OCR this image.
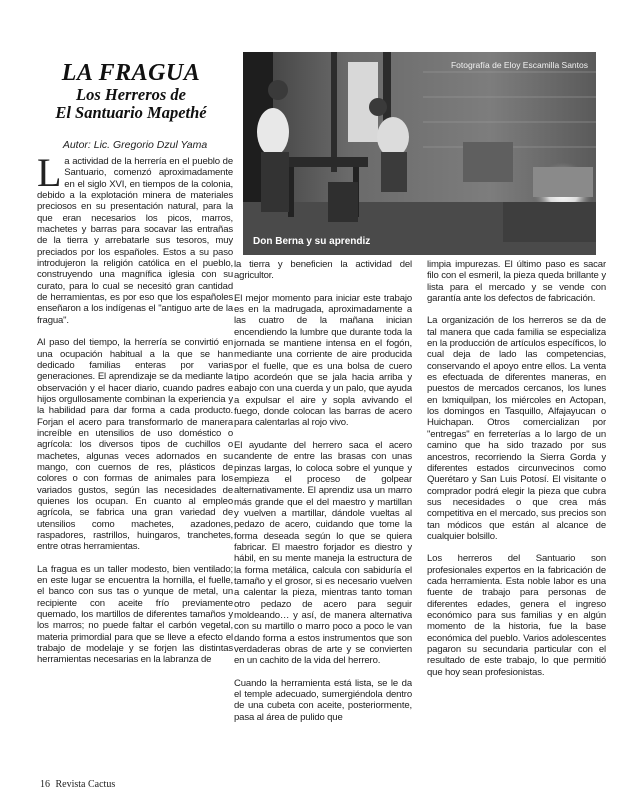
LA FRAGUA
Los Herreros de
El Santuario Mapethé
Autor: Lic. Gregorio Dzul Yama

La actividad de la herrería en el pueblo de Santuario, comenzó aproximadamente en el siglo XVI, en tiempos de la colonia, debido a la explotación minera de materiales preciosos en su presentación natural, para la que eran necesarios los picos, marros, machetes y barras para socavar las entrañas de la tierra y arrebatarle sus tesoros, muy preciados por los españoles. Estos a su paso introdujeron la religión católica en el pueblo, construyendo una magnífica iglesia con su curato, para lo cual se necesitó gran cantidad de herramientas, es por eso que los españoles enseñaron a los indígenas el "antiguo arte de la fragua".

Al paso del tiempo, la herrería se convirtió en una ocupación habitual a la que se han dedicado familias enteras por varias generaciones. El aprendizaje se da mediante la observación y el hacer diario, cuando padres e hijos orgullosamente combinan la experiencia y la habilidad para dar forma a cada producto. Forjan el acero para transformarlo de manera increíble en utensilios de uso doméstico o agrícola: los diversos tipos de cuchillos o machetes, algunas veces adornados en su mango, con cuernos de res, plásticos de colores o con formas de animales para los variados gustos, según las necesidades de quienes los ocupan. En cuanto al empleo agrícola, se fabrica una gran variedad de utensilios como machetes, azadones, raspadores, rastrillos, huingaros, tranchetes, entre otras herramientas.

La fragua es un taller modesto, bien ventilado; en este lugar se encuentra la hornilla, el fuelle, el banco con sus tas o yunque de metal, un recipiente con aceite frío previamente quemado, los martillos de diferentes tamaños y los marros; no puede faltar el carbón vegetal, materia primordial para que se lleve a efecto el trabajo de modelaje y se forjen las distintas herramientas necesarias en la labranza de

Fotografía de Eloy Escamilla Santos
Don Berna y su aprendiz

la tierra y beneficien la actividad del agricultor.

El mejor momento para iniciar este trabajo es en la madrugada, aproximadamente a las cuatro de la mañana inician encendiendo la lumbre que durante toda la jornada se mantiene intensa en el fogón, mediante una corriente de aire producida por el fuelle, que es una bolsa de cuero tipo acordeón que se jala hacia arriba y abajo con una cuerda y un palo, que ayuda a expulsar el aire y sopla avivando el fuego, donde colocan las barras de acero para calentarlas al rojo vivo.

El ayudante del herrero saca el acero candente de entre las brasas con unas pinzas largas, lo coloca sobre el yunque y empieza el proceso de golpear alternativamente. El aprendiz usa un marro más grande que el del maestro y martillan y vuelven a martillar, dándole vueltas al pedazo de acero, cuidando que tome la forma deseada según lo que se quiera fabricar. El maestro forjador es diestro y hábil, en su mente maneja la estructura de la forma metálica, calcula con sabiduría el tamaño y el grosor, si es necesario vuelven a calentar la pieza, mientras tanto toman otro pedazo de acero para seguir moldeando… y así, de manera alternativa con su martillo o marro poco a poco le van dando forma a estos instrumentos que son verdaderas obras de arte y se convierten en un cachito de la vida del herrero.

Cuando la herramienta está lista, se le da el temple adecuado, sumergiéndola dentro de una cubeta con aceite, posteriormente, pasa al área de pulido que

limpia impurezas. El último paso es sacar filo con el esmeril, la pieza queda brillante y lista para el mercado y se vende con garantía ante los defectos de fabricación.

La organización de los herreros se da de tal manera que cada familia se especializa en la producción de artículos específicos, lo cual deja de lado las competencias, conservando el apoyo entre ellos. La venta es efectuada de diferentes maneras, en puestos de mercados cercanos, los lunes en Ixmiquilpan, los miércoles en Actopan, los domingos en Tasquillo, Alfajayucan o Huichapan. Otros comercializan por "entregas" en ferreterías a lo largo de un camino que ha sido trazado por sus ancestros, recorriendo la Sierra Gorda y diferentes estados circunvecinos como Querétaro y San Luis Potosí. El visitante o comprador podrá elegir la pieza que cubra sus necesidades o que crea más competitiva en el mercado, sus precios son tan módicos que están al alcance de cualquier bolsillo.

Los herreros del Santuario son profesionales expertos en la fabricación de cada herramienta. Esta noble labor es una fuente de trabajo para personas de diferentes edades, genera el ingreso económico para sus familias y en algún momento de la historia, fue la base económica del pueblo. Varios adolescentes pagaron su secundaria particular con el resultado de este trabajo, lo que permitió que hoy sean profesionistas.

16 Revista Cactus
